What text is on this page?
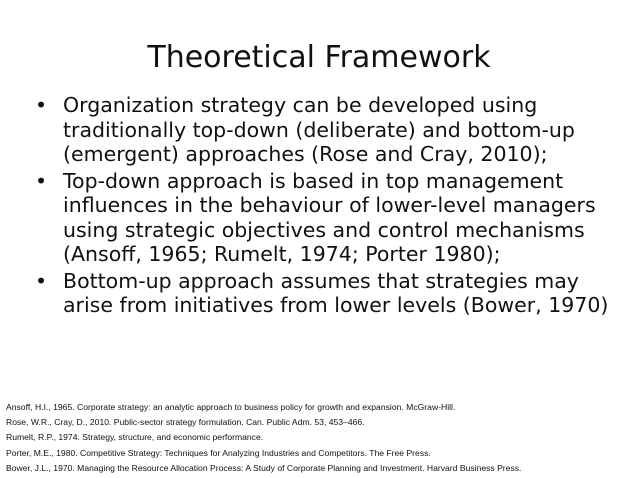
Theoretical Framework
• Organization strategy can be developed using traditionally top-down (deliberate) and bottom-up (emergent) approaches (Rose and Cray, 2010);
• Top-down approach is based in top management influences in the behaviour of lower-level managers using strategic objectives and control mechanisms (Ansoff, 1965; Rumelt, 1974; Porter 1980);
• Bottom-up approach assumes that strategies may arise from initiatives from lower levels (Bower, 1970)
Ansoff, H.I., 1965. Corporate strategy: an analytic approach to business policy for growth and expansion. McGraw-Hill.
Rose, W.R., Cray, D., 2010. Public-sector strategy formulation. Can. Public Adm. 53, 453–466.
Rumelt, R.P., 1974. Strategy, structure, and economic performance.
Porter, M.E., 1980. Competitive Strategy: Techniques for Analyzing Industries and Competitors. The Free Press.
Bower, J.L., 1970. Managing the Resource Allocation Process: A Study of Corporate Planning and Investment. Harvard Business Press.
